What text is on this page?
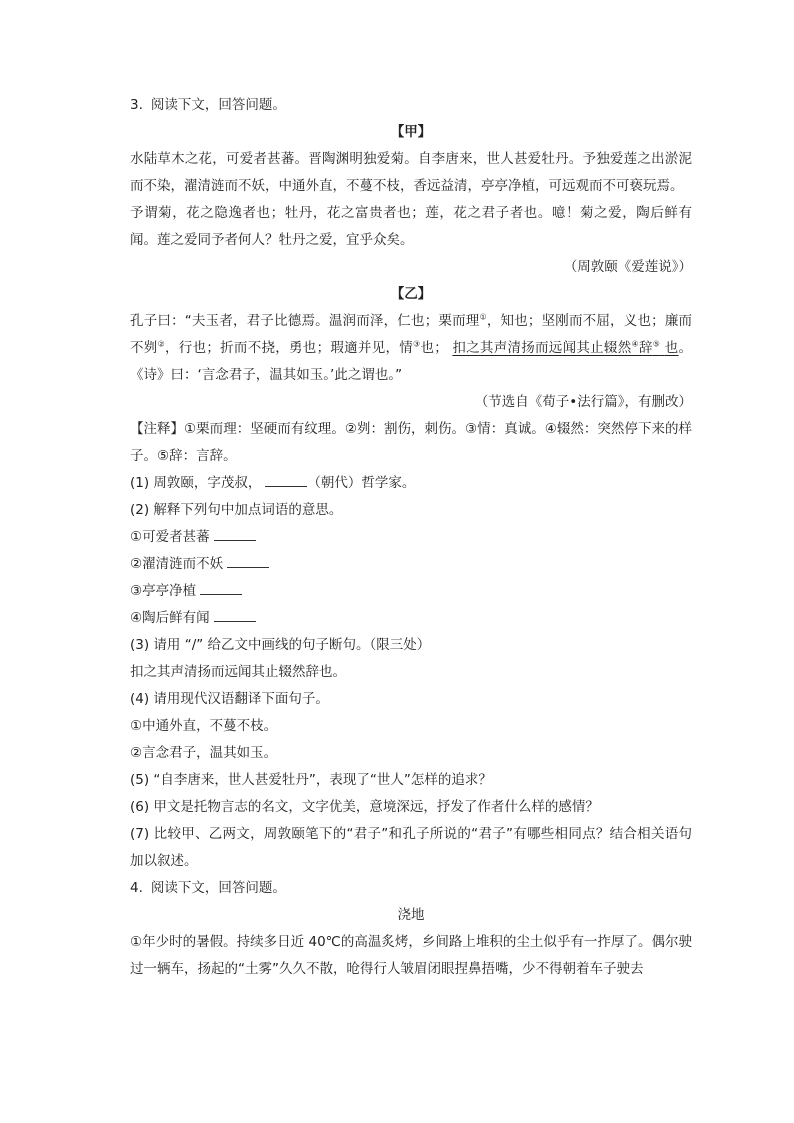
3. 阅读下文，回答问题。
【甲】
水陆草木之花，可爱者甚蕃。晋陶渊明独爱菊。自李唐来，世人甚爱牡丹。予独爱莲之出淤泥而不染，濯清涟而不妖，中通外直，不蔓不枝，香远益清，亭亭净植，可远观而不可亵玩焉。
予谓菊，花之隐逸者也；牡丹，花之富贵者也；莲，花之君子者也。噫！菊之爱，陶后鲜有闻。莲之爱同予者何人？牡丹之爱，宜乎众矣。
（周敦颐《爱莲说》）
【乙】
孔子曰：“夫玉者，君子比德焉。温润而泽，仁也；栗而理①，知也；坚刚而不屈，义也；廉而不刿②，行也；折而不挠，勇也；瑕適并见，情③也； 扣之其声清扬而远闻其止辍然④辞⑤ 也。《诗》曰：‘言念君子，温其如玉。’此之谓也。”
（节选自《荀子•法行篇》，有删改）
【注释】①栗而理：坚硬而有纹理。②刿：割伤，刺伤。③情：真诚。④辍然：突然停下来的样子。⑤辞：言辞。
(1) 周敦颐，字茂叔，	（朝代）哲学家。
(2) 解释下列句中加点词语的意思。
①可爱者甚蕃
②濯清涟而不妖
③亭亭净植
④陶后鲜有闻
(3) 请用 “/” 给乙文中画线的句子断句。（限三处）
扣之其声清扬而远闻其止辍然辞也。
(4) 请用现代汉语翻译下面句子。
①中通外直，不蔓不枝。
②言念君子，温其如玉。
(5) “自李唐来，世人甚爱牡丹”，表现了“世人”怎样的追求？
(6) 甲文是托物言志的名文，文字优美，意境深远，抒发了作者什么样的感情？
(7) 比较甲、乙两文，周敦颐笔下的“君子”和孔子所说的“君子”有哪些相同点？结合相关语句加以叙述。
4. 阅读下文，回答问题。
浇地
①年少时的暑假。持续多日近 40℃的高温炙烤，乡间路上堆积的尘土似乎有一拃厚了。偶尔驶过一辆车，扬起的“土雾”久久不散，呛得行人皱眉闭眼捏鼻捂嘴，少不得朝着车子驶去
